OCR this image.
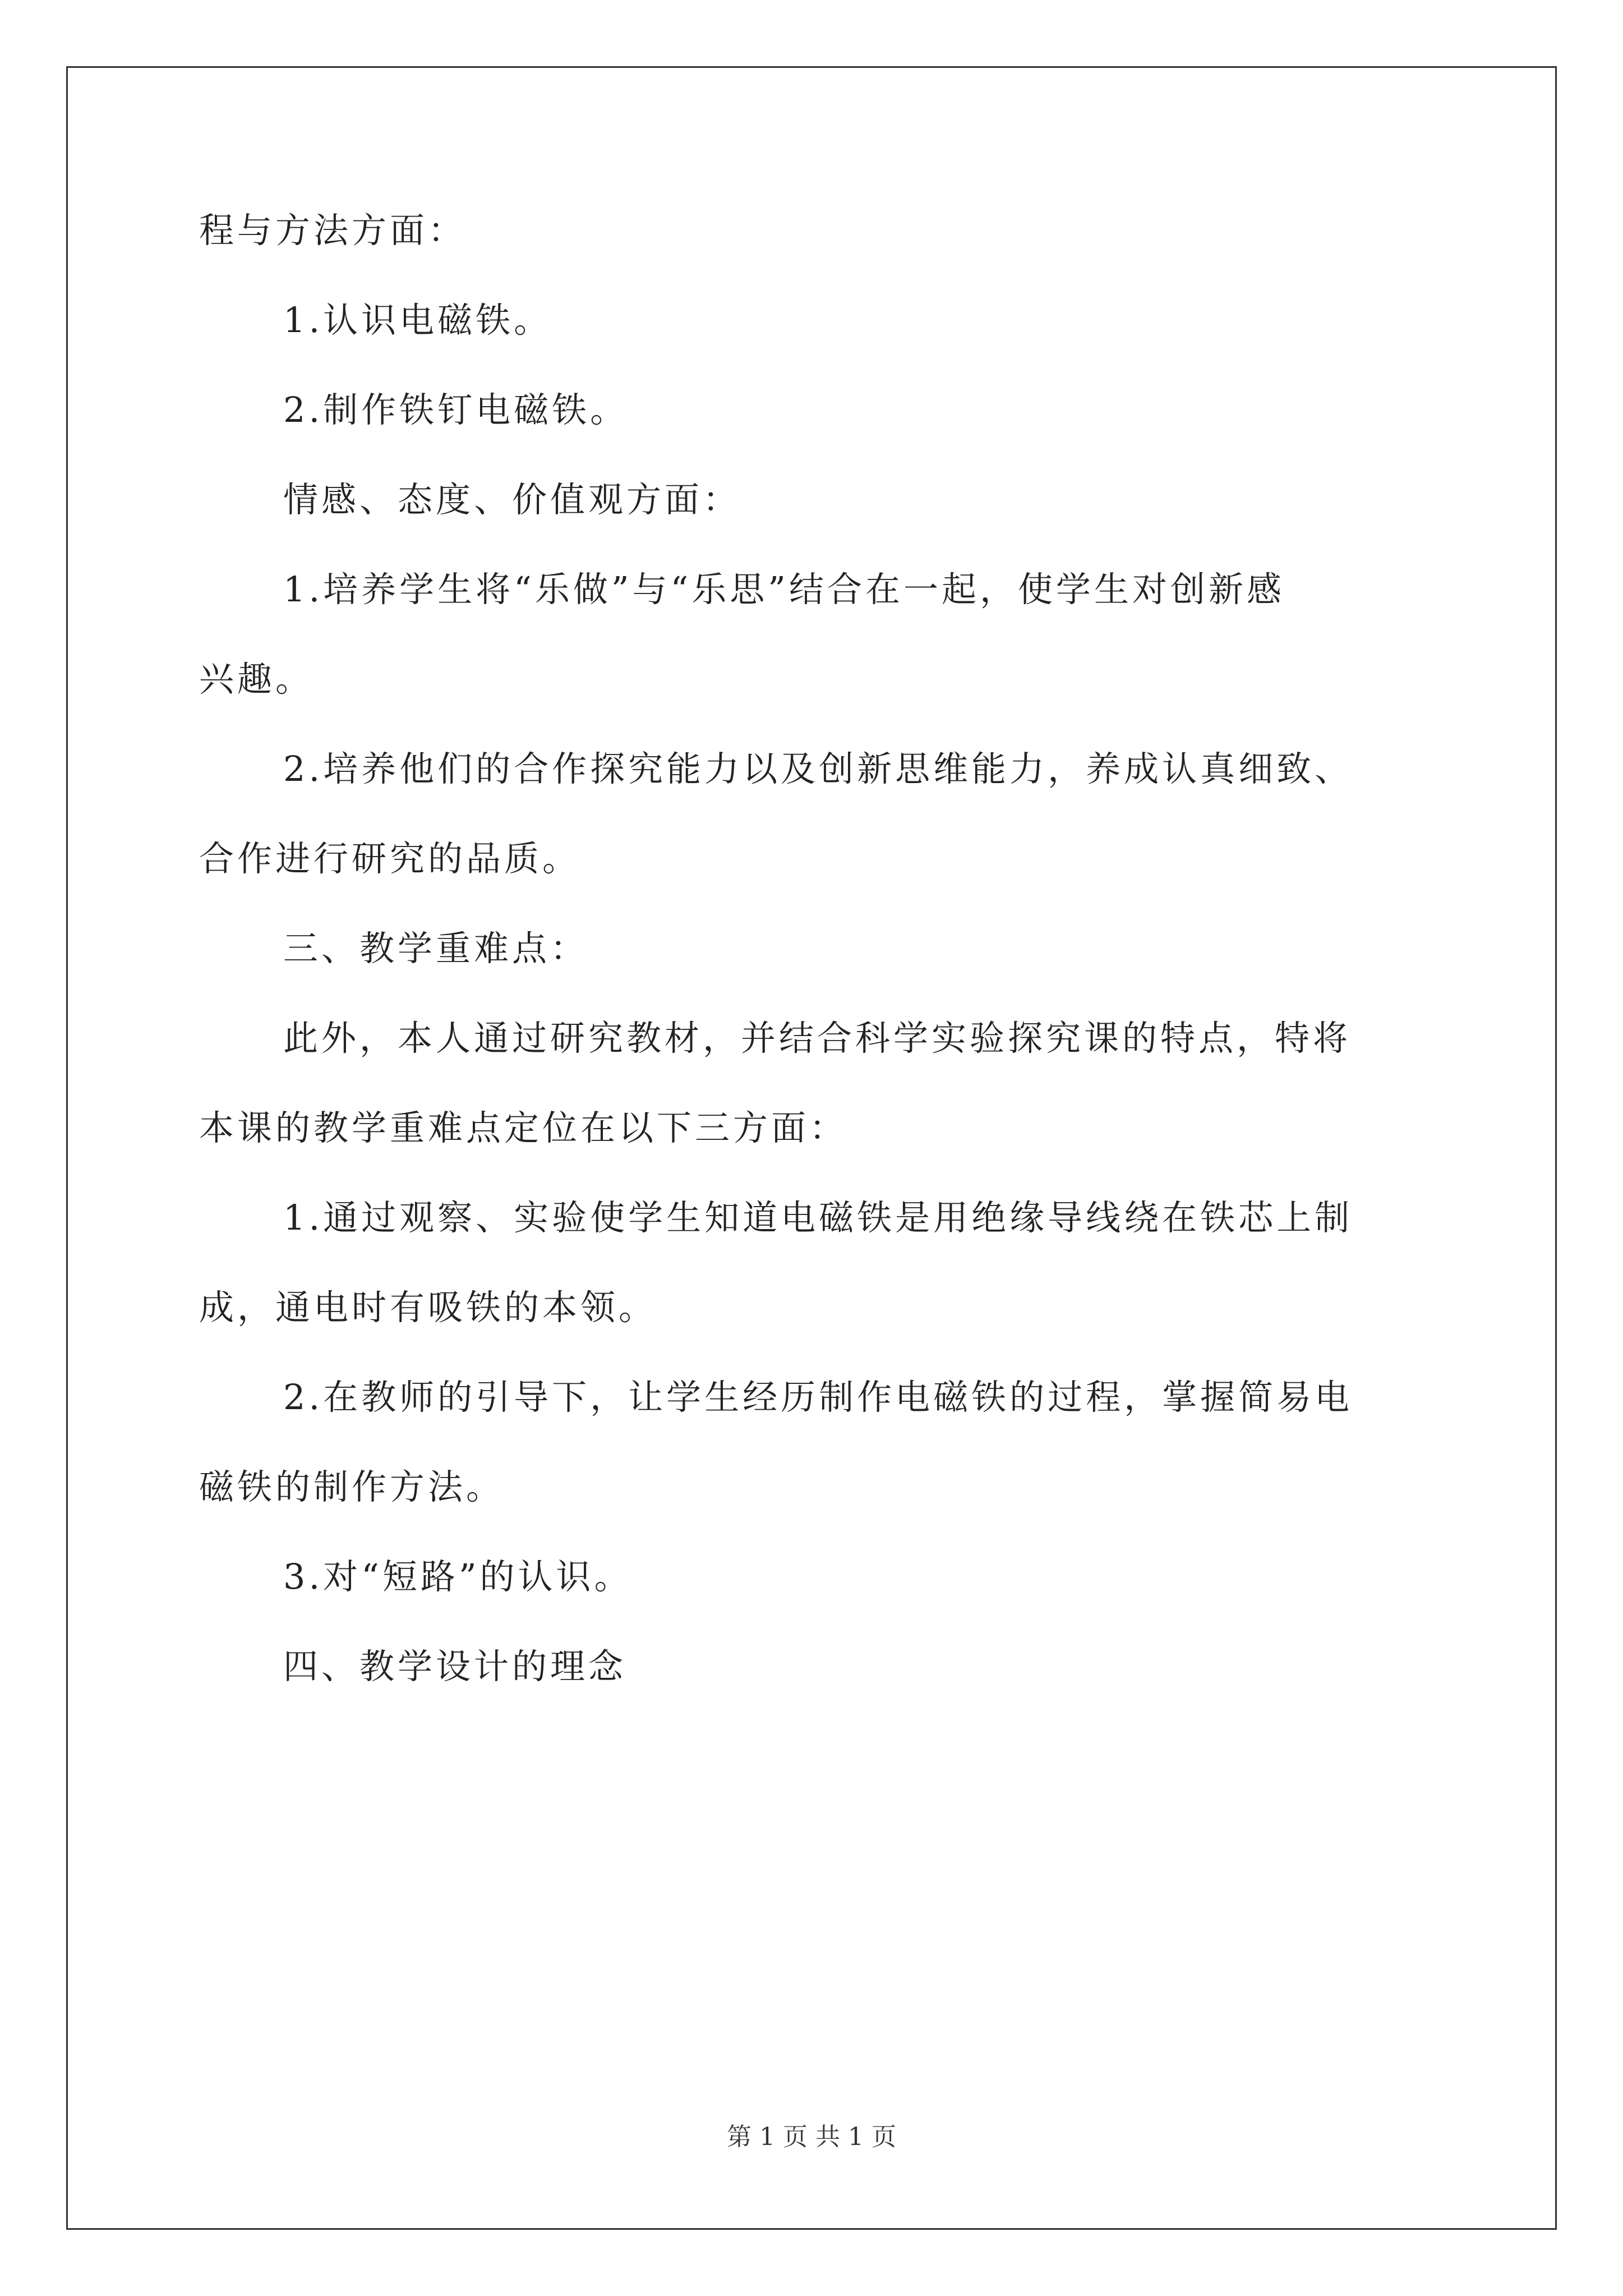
程与方法方面：
1.认识电磁铁。
2.制作铁钉电磁铁。
情感、态度、价值观方面：
1.培养学生将“乐做”与“乐思”结合在一起，使学生对创新感
兴趣。
2.培养他们的合作探究能力以及创新思维能力，养成认真细致、
合作进行研究的品质。
三、教学重难点：
此外，本人通过研究教材，并结合科学实验探究课的特点，特将
本课的教学重难点定位在以下三方面：
1.通过观察、实验使学生知道电磁铁是用绝缘导线绕在铁芯上制
成，通电时有吸铁的本领。
2.在教师的引导下，让学生经历制作电磁铁的过程，掌握简易电
磁铁的制作方法。
3.对“短路”的认识。
四、教学设计的理念
第 1 页 共 1 页
